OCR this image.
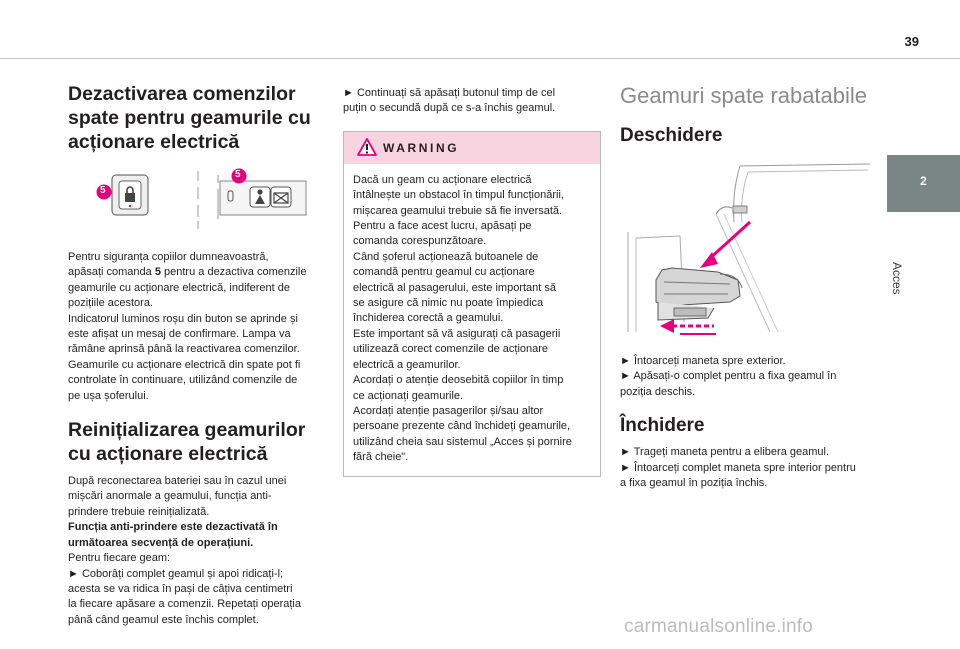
39
2
Acces
Dezactivarea comenzilor
spate pentru geamurile cu
acționare electrică
5
5

Pentru siguranța copiilor dumneavoastră,
apăsați comanda 5 pentru a dezactiva comenzile
geamurile cu acționare electrică, indiferent de
pozițiile acestora.
Indicatorul luminos roșu din buton se aprinde și
este afișat un mesaj de confirmare. Lampa va
rămâne aprinsă până la reactivarea comenzilor.
Geamurile cu acționare electrică din spate pot fi
controlate în continuare, utilizând comenzile de
pe ușa șoferului.

Reinițializarea geamurilor
cu acționare electrică

După reconectarea bateriei sau în cazul unei
mișcări anormale a geamului, funcția anti-
prindere trebuie reinițializată.
Funcția anti-prindere este dezactivată în
următoarea secvență de operațiuni.
Pentru fiecare geam:
► Coborâți complet geamul și apoi ridicați-l;
acesta se va ridica în pași de câțiva centimetri
la fiecare apăsare a comenzii. Repetați operația
până când geamul este închis complet.

► Continuați să apăsați butonul timp de cel
puțin o secundă după ce s-a închis geamul.

WARNING

Dacă un geam cu acționare electrică
întâlnește un obstacol în timpul funcționării,
mișcarea geamului trebuie să fie inversată.
Pentru a face acest lucru, apăsați pe
comanda corespunzătoare.
Când șoferul acționează butoanele de
comandă pentru geamul cu acționare
electrică al pasagerului, este important să
se asigure că nimic nu poate împiedica
închiderea corectă a geamului.
Este important să vă asigurați că pasagerii
utilizează corect comenzile de acționare
electrică a geamurilor.
Acordați o atenție deosebită copiilor în timp
ce acționați geamurile.
Acordați atenție pasagerilor și/sau altor
persoane prezente când închideți geamurile,
utilizând cheia sau sistemul „Acces și pornire
fără cheie".

Geamuri spate rabatabile
Deschidere

► Întoarceți maneta spre exterior.
► Apăsați-o complet pentru a fixa geamul în
poziția deschis.

Închidere

► Trageți maneta pentru a elibera geamul.
► Întoarceți complet maneta spre interior pentru
a fixa geamul în poziția închis.

carmanualsonline.info
